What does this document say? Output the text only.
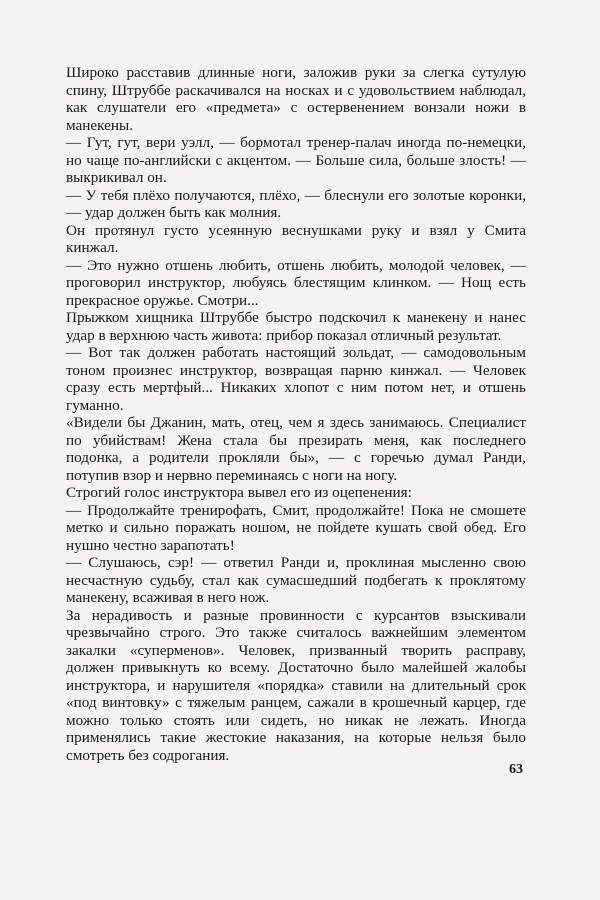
Широко расставив длинные ноги, заложив руки за слегка сутулую спину, Штруббе раскачивался на носках и с удовольствием наблюдал, как слушатели его «предмета» с остервенением вонзали ножи в манекены.

— Гут, гут, вери уэлл, — бормотал тренер-палач иногда по-немецки, но чаще по-английски с акцентом. — Больше сила, больше злость! — выкрикивал он.

— У тебя плёхо получаются, плёхо, — блеснули его золотые коронки, — удар должен быть как молния.

Он протянул густо усеянную веснушками руку и взял у Смита кинжал.

— Это нужно отшень любить, отшень любить, молодой человек, — проговорил инструктор, любуясь блестящим клинком. — Нощ есть прекрасное оружье. Смотри...

Прыжком хищника Штруббе быстро подскочил к манекену и нанес удар в верхнюю часть живота: прибор показал отличный результат.

— Вот так должен работать настоящий зольдат, — самодовольным тоном произнес инструктор, возвращая парню кинжал. — Человек сразу есть мертфый... Никаких хлопот с ним потом нет, и отшень гуманно.

«Видели бы Джанин, мать, отец, чем я здесь занимаюсь. Специалист по убийствам! Жена стала бы презирать меня, как последнего подонка, а родители прокляли бы», — с горечью думал Ранди, потупив взор и нервно переминаясь с ноги на ногу.

Строгий голос инструктора вывел его из оцепенения:

— Продолжайте тренирофать, Смит, продолжайте! Пока не смошете метко и сильно поражать ношом, не пойдете кушать свой обед. Его нушно честно зарапотать!

— Слушаюсь, сэр! — ответил Ранди и, проклиная мысленно свою несчастную судьбу, стал как сумасшедший подбегать к проклятому манекену, всаживая в него нож.

За нерадивость и разные провинности с курсантов взыскивали чрезвычайно строго. Это также считалось важнейшим элементом закалки «суперменов». Человек, призванный творить расправу, должен привыкнуть ко всему. Достаточно было малейшей жалобы инструктора, и нарушителя «порядка» ставили на длительный срок «под винтовку» с тяжелым ранцем, сажали в крошечный карцер, где можно только стоять или сидеть, но никак не лежать. Иногда применялись такие жестокие наказания, на которые нельзя было смотреть без содрогания.

63
